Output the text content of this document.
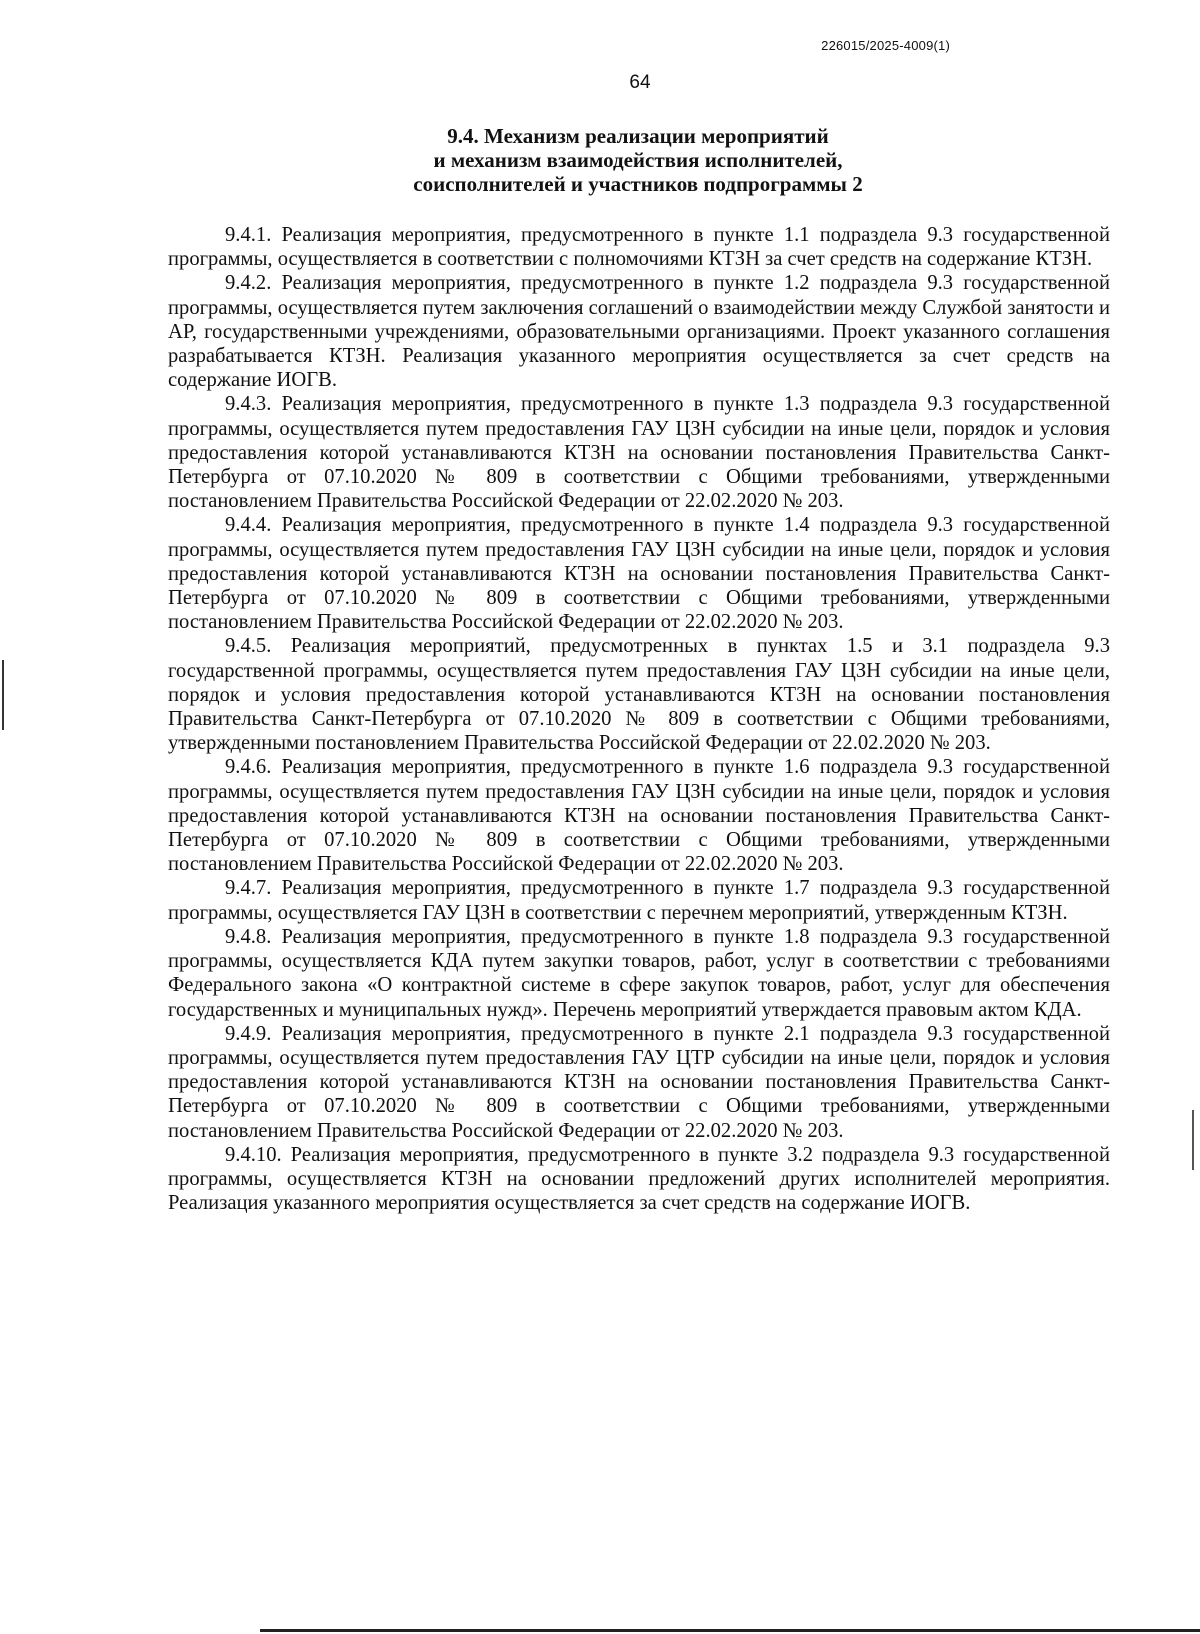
226015/2025-4009(1)
64
9.4. Механизм реализации мероприятий
и механизм взаимодействия исполнителей,
соисполнителей и участников подпрограммы 2

9.4.1. Реализация мероприятия, предусмотренного в пункте 1.1 подраздела 9.3 государственной программы, осуществляется в соответствии с полномочиями КТЗН за счет средств на содержание КТЗН.

9.4.2. Реализация мероприятия, предусмотренного в пункте 1.2 подраздела 9.3 государственной программы, осуществляется путем заключения соглашений о взаимодействии между Службой занятости и АР, государственными учреждениями, образовательными организациями. Проект указанного соглашения разрабатывается КТЗН. Реализация указанного мероприятия осуществляется за счет средств на содержание ИОГВ.

9.4.3. Реализация мероприятия, предусмотренного в пункте 1.3 подраздела 9.3 государственной программы, осуществляется путем предоставления ГАУ ЦЗН субсидии на иные цели, порядок и условия предоставления которой устанавливаются КТЗН на основании постановления Правительства Санкт-Петербурга от 07.10.2020 № 809 в соответствии с Общими требованиями, утвержденными постановлением Правительства Российской Федерации от 22.02.2020 № 203.

9.4.4. Реализация мероприятия, предусмотренного в пункте 1.4 подраздела 9.3 государственной программы, осуществляется путем предоставления ГАУ ЦЗН субсидии на иные цели, порядок и условия предоставления которой устанавливаются КТЗН на основании постановления Правительства Санкт-Петербурга от 07.10.2020 № 809 в соответствии с Общими требованиями, утвержденными постановлением Правительства Российской Федерации от 22.02.2020 № 203.

9.4.5. Реализация мероприятий, предусмотренных в пунктах 1.5 и 3.1 подраздела 9.3 государственной программы, осуществляется путем предоставления ГАУ ЦЗН субсидии на иные цели, порядок и условия предоставления которой устанавливаются КТЗН на основании постановления Правительства Санкт-Петербурга от 07.10.2020 № 809 в соответствии с Общими требованиями, утвержденными постановлением Правительства Российской Федерации от 22.02.2020 № 203.

9.4.6. Реализация мероприятия, предусмотренного в пункте 1.6 подраздела 9.3 государственной программы, осуществляется путем предоставления ГАУ ЦЗН субсидии на иные цели, порядок и условия предоставления которой устанавливаются КТЗН на основании постановления Правительства Санкт-Петербурга от 07.10.2020 № 809 в соответствии с Общими требованиями, утвержденными постановлением Правительства Российской Федерации от 22.02.2020 № 203.

9.4.7. Реализация мероприятия, предусмотренного в пункте 1.7 подраздела 9.3 государственной программы, осуществляется ГАУ ЦЗН в соответствии с перечнем мероприятий, утвержденным КТЗН.

9.4.8. Реализация мероприятия, предусмотренного в пункте 1.8 подраздела 9.3 государственной программы, осуществляется КДА путем закупки товаров, работ, услуг в соответствии с требованиями Федерального закона «О контрактной системе в сфере закупок товаров, работ, услуг для обеспечения государственных и муниципальных нужд». Перечень мероприятий утверждается правовым актом КДА.

9.4.9. Реализация мероприятия, предусмотренного в пункте 2.1 подраздела 9.3 государственной программы, осуществляется путем предоставления ГАУ ЦТР субсидии на иные цели, порядок и условия предоставления которой устанавливаются КТЗН на основании постановления Правительства Санкт-Петербурга от 07.10.2020 № 809 в соответствии с Общими требованиями, утвержденными постановлением Правительства Российской Федерации от 22.02.2020 № 203.

9.4.10. Реализация мероприятия, предусмотренного в пункте 3.2 подраздела 9.3 государственной программы, осуществляется КТЗН на основании предложений других исполнителей мероприятия. Реализация указанного мероприятия осуществляется за счет средств на содержание ИОГВ.
